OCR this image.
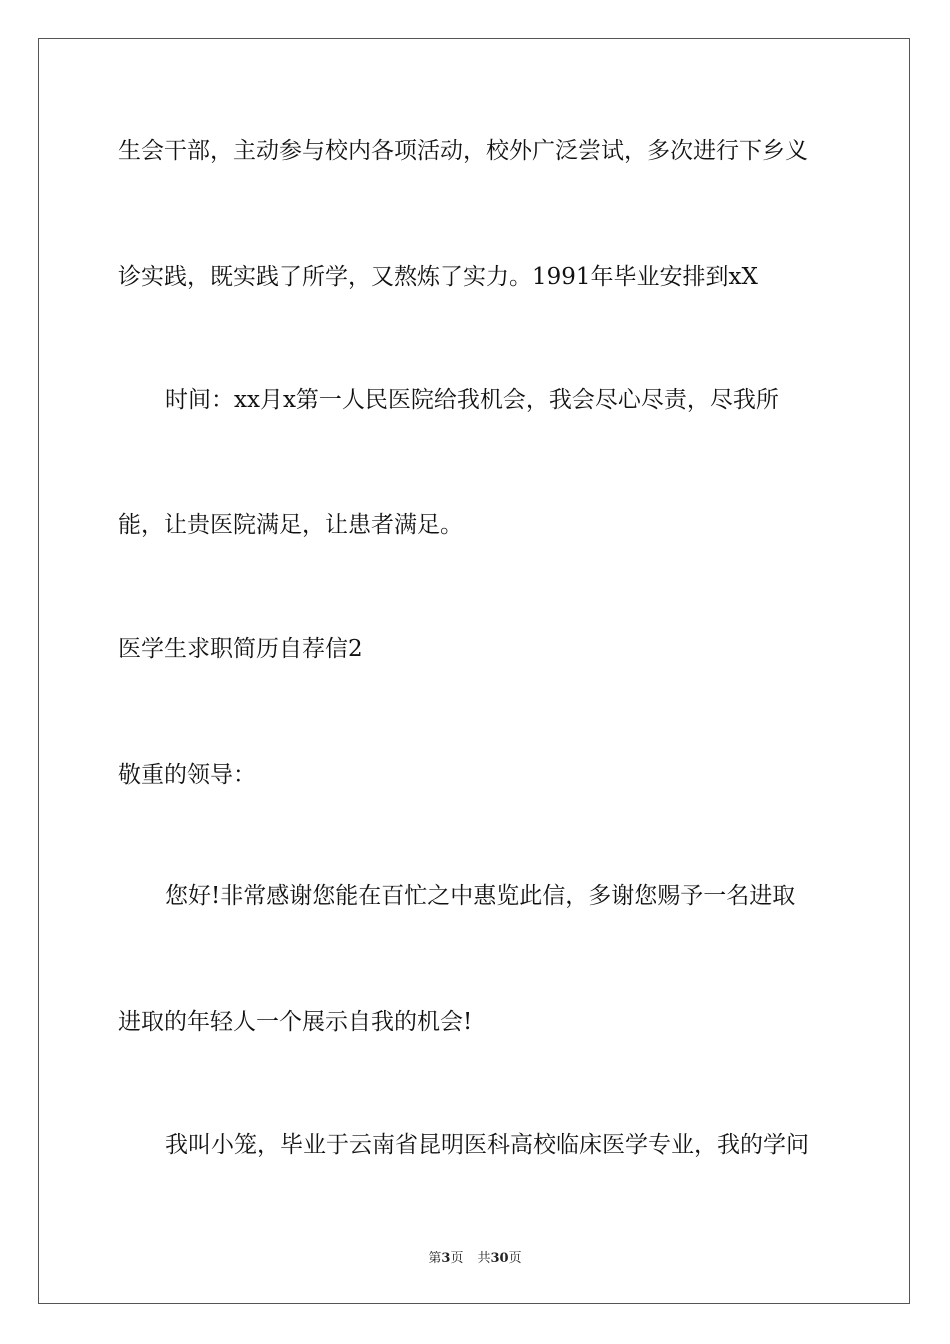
生会干部，主动参与校内各项活动，校外广泛尝试，多次进行下乡义
诊实践，既实践了所学，又熬炼了实力。1991年毕业安排到xX
时间：xx月x第一人民医院给我机会，我会尽心尽责，尽我所
能，让贵医院满足，让患者满足。
医学生求职简历自荐信2
敬重的领导：
您好!非常感谢您能在百忙之中惠览此信，多谢您赐予一名进取
进取的年轻人一个展示自我的机会!
我叫小笼，毕业于云南省昆明医科高校临床医学专业，我的学问
第3页 共30页
